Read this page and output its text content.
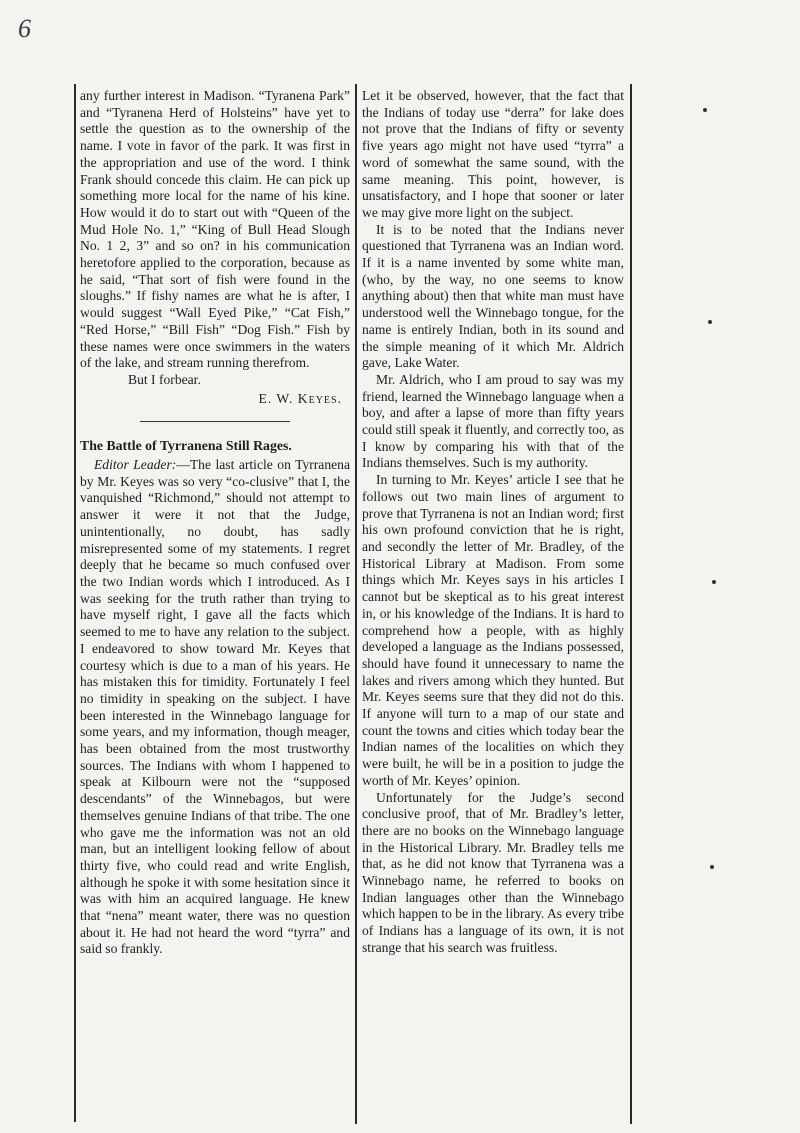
6

any further interest in Madison. “Tyranena Park” and “Tyranena Herd of Holsteins” have yet to settle the question as to the ownership of the name. I vote in favor of the park. It was first in the appropriation and use of the word. I think Frank should concede this claim. He can pick up something more local for the name of his kine. How would it do to start out with “Queen of the Mud Hole No. 1,” “King of Bull Head Slough No. 1 2, 3” and so on? in his communication heretofore applied to the corporation, because as he said, “That sort of fish were found in the sloughs.” If fishy names are what he is after, I would suggest “Wall Eyed Pike,” “Cat Fish,” “Red Horse,” “Bill Fish” “Dog Fish.” Fish by these names were once swimmers in the waters of the lake, and stream running therefrom.

But I forbear.

E. W. Keyes.

The Battle of Tyrranena Still Rages.

Editor Leader:—The last article on Tyrranena by Mr. Keyes was so very “co-clusive” that I, the vanquished “Richmond,” should not attempt to answer it were it not that the Judge, unintentionally, no doubt, has sadly misrepresented some of my statements. I regret deeply that he became so much confused over the two Indian words which I introduced. As I was seeking for the truth rather than trying to have myself right, I gave all the facts which seemed to me to have any relation to the subject. I endeavored to show toward Mr. Keyes that courtesy which is due to a man of his years. He has mistaken this for timidity. Fortunately I feel no timidity in speaking on the subject. I have been interested in the Winnebago language for some years, and my information, though meager, has been obtained from the most trustworthy sources. The Indians with whom I happened to speak at Kilbourn were not the “supposed descendants” of the Winnebagos, but were themselves genuine Indians of that tribe. The one who gave me the information was not an old man, but an intelligent looking fellow of about thirty five, who could read and write English, although he spoke it with some hesitation since it was with him an acquired language. He knew that “nena” meant water, there was no question about it. He had not heard the word “tyrra” and said so frankly.

Let it be observed, however, that the fact that the Indians of today use “derra” for lake does not prove that the Indians of fifty or seventy five years ago might not have used “tyrra” a word of somewhat the same sound, with the same meaning. This point, however, is unsatisfactory, and I hope that sooner or later we may give more light on the subject.

It is to be noted that the Indians never questioned that Tyrranena was an Indian word. If it is a name invented by some white man, (who, by the way, no one seems to know anything about) then that white man must have understood well the Winnebago tongue, for the name is entirely Indian, both in its sound and the simple meaning of it which Mr. Aldrich gave, Lake Water.

Mr. Aldrich, who I am proud to say was my friend, learned the Winnebago language when a boy, and after a lapse of more than fifty years could still speak it fluently, and correctly too, as I know by comparing his with that of the Indians themselves. Such is my authority.

In turning to Mr. Keyes’ article I see that he follows out two main lines of argument to prove that Tyrranena is not an Indian word; first his own profound conviction that he is right, and secondly the letter of Mr. Bradley, of the Historical Library at Madison. From some things which Mr. Keyes says in his articles I cannot but be skeptical as to his great interest in, or his knowledge of the Indians. It is hard to comprehend how a people, with as highly developed a language as the Indians possessed, should have found it unnecessary to name the lakes and rivers among which they hunted. But Mr. Keyes seems sure that they did not do this. If anyone will turn to a map of our state and count the towns and cities which today bear the Indian names of the localities on which they were built, he will be in a position to judge the worth of Mr. Keyes’ opinion.

Unfortunately for the Judge’s second conclusive proof, that of Mr. Bradley’s letter, there are no books on the Winnebago language in the Historical Library. Mr. Bradley tells me that, as he did not know that Tyrranena was a Winnebago name, he referred to books on Indian languages other than the Winnebago which happen to be in the library. As every tribe of Indians has a language of its own, it is not strange that his search was fruitless.
